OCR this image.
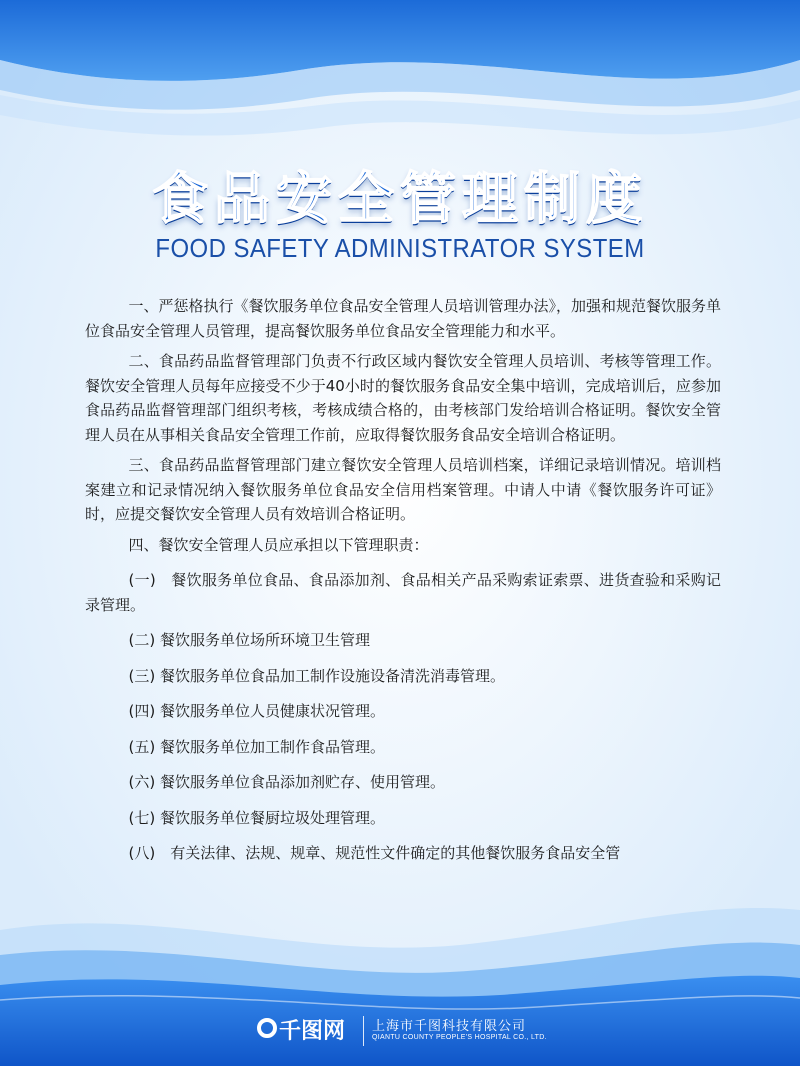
食品安全管理制度
FOOD SAFETY ADMINISTRATOR SYSTEM

一、严惩格执行《餐饮服务单位食品安全管理人员培训管理办法》，加强和规范餐饮服务单位食品安全管理人员管理，提高餐饮服务单位食品安全管理能力和水平。

二、食品药品监督管理部门负责不行政区域内餐饮安全管理人员培训、考核等管理工作。餐饮安全管理人员每年应接受不少于40小时的餐饮服务食品安全集中培训，完成培训后，应参加食品药品监督管理部门组织考核，考核成绩合格的，由考核部门发给培训合格证明。餐饮安全管理人员在从事相关食品安全管理工作前，应取得餐饮服务食品安全培训合格证明。

三、食品药品监督管理部门建立餐饮安全管理人员培训档案，详细记录培训情况。培训档案建立和记录情况纳入餐饮服务单位食品安全信用档案管理。中请人中请《餐饮服务许可证》时，应提交餐饮安全管理人员有效培训合格证明。

四、餐饮安全管理人员应承担以下管理职责：

(一)　餐饮服务单位食品、食品添加剂、食品相关产品采购索证索票、进货查验和采购记录管理。

(二) 餐饮服务单位场所环境卫生管理

(三) 餐饮服务单位食品加工制作设施设备清洗消毒管理。

(四) 餐饮服务单位人员健康状况管理。

(五) 餐饮服务单位加工制作食品管理。

(六) 餐饮服务单位食品添加剂贮存、使用管理。

(七) 餐饮服务单位餐厨垃圾处理管理。

(八)　有关法律、法规、规章、规范性文件确定的其他餐饮服务食品安全管

千图网 上海市千图科技有限公司
QIANTU COUNTY PEOPLE'S HOSPITAL CO., LTD.
